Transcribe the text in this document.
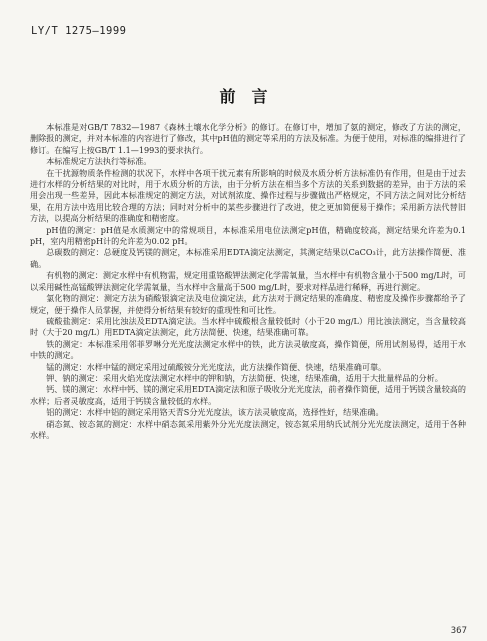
LY/T 1275—1999
前　言

本标准是对GB/T 7832—1987《森林土壤水化学分析》的修订。在修订中，增加了氨的测定，修改了方法的测定，删除报的测定，并对本标准的内容进行了修改，其中pH值的测定等采用的方法及标准。为便于使用，对标准的编排进行了修订。在编写上按GB/T 1.1—1993的要求执行。

本标准规定方法执行等标准。

在干扰源物质条件检测的状况下，水样中各项干扰元素有所影响的时候及水质分析方法标准仍有作用，但是由于过去进行水样的分析结果的对比时，用于水质分析的方法，由于分析方法在相当多个方法的关系到数据的差异，由于方法的采用会出现一些差异，因此本标准规定的测定方法，对试剂浓度、操作过程与步骤做出严格规定，不同方法之间对比分析结果，在用方法中选用比较合理的方法；同时对分析中的某些步骤进行了改进，使之更加简便易于操作；采用新方法代替旧方法，以提高分析结果的准确度和精密度。

pH值的测定：pH值是水质测定中的常规项目，本标准采用电位法测定pH值，精确度较高，测定结果允许差为0.1 pH，室内用精密pH计的允许差为0.02 pH。

总碳数的测定：总硬度及钙镁的测定，本标准采用EDTA滴定法测定，其测定结果以CaCO₃计，此方法操作简便、准确。

有机物的测定：测定水样中有机物需，规定用重铬酸钾法测定化学需氧量，当水样中有机物含量小于500 mg/L时，可以采用碱性高锰酸钾法测定化学需氧量，当水样中含量高于500 mg/L时，要求对样品进行稀释，再进行测定。

氯化物的测定：测定方法为硝酸银滴定法及电位滴定法，此方法对于测定结果的准确度、精密度及操作步骤都给予了规定，便于操作人员掌握，并使得分析结果有较好的重现性和可比性。

硫酸盐测定：采用比浊法及EDTA滴定法。当水样中硫酸根含量较低时（小于20 mg/L）用比浊法测定，当含量较高时（大于20 mg/L）用EDTA滴定法测定，此方法简便、快速，结果准确可靠。

铁的测定：本标准采用邻菲罗啉分光光度法测定水样中的铁，此方法灵敏度高，操作简便，所用试剂易得，适用于水中铁的测定。

锰的测定：水样中锰的测定采用过硫酸铵分光光度法，此方法操作简便、快速，结果准确可靠。

钾、钠的测定：采用火焰光度法测定水样中的钾和钠，方法简便、快速，结果准确，适用于大批量样品的分析。

钙、镁的测定：水样中钙、镁的测定采用EDTA滴定法和原子吸收分光光度法，前者操作简便，适用于钙镁含量较高的水样；后者灵敏度高，适用于钙镁含量较低的水样。

铝的测定：水样中铝的测定采用铬天青S分光光度法，该方法灵敏度高，选择性好，结果准确。

硝态氮、铵态氮的测定：水样中硝态氮采用紫外分光光度法测定，铵态氮采用纳氏试剂分光光度法测定，适用于各种水样。

367
